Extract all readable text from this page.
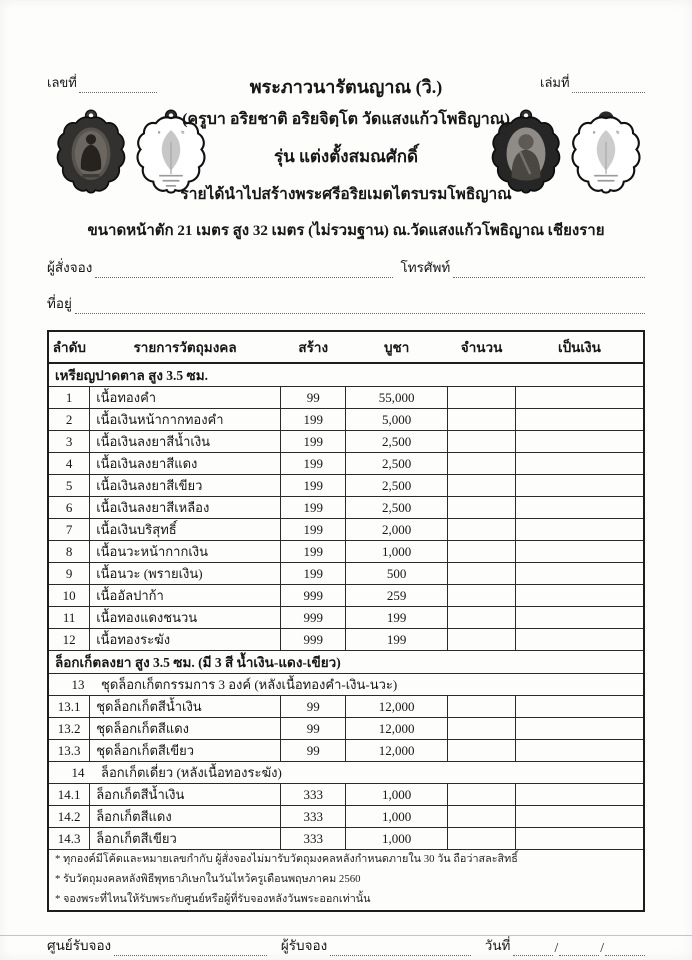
๑	๒	๑	๒
เลขที่	พระภาวนารัตนญาณ (วิ.)	เล่มที่
(ครูบา อริยชาติ อริยจิตฺโต วัดแสงแก้วโพธิญาณ)
รุ่น แต่งตั้งสมณศักดิ์
รายได้นำไปสร้างพระศรีอริยเมตไตรบรมโพธิญาณ
ขนาดหน้าตัก 21 เมตร สูง 32 เมตร (ไม่รวมฐาน) ณ.วัดแสงแก้วโพธิญาณ เชียงราย
ผู้สั่งจอง	โทรศัพท์
ที่อยู่
ลำดับ	รายการวัตถุมงคล	สร้าง	บูชา	จำนวน	เป็นเงิน
เหรียญปาดตาล สูง 3.5 ซม.					
1	เนื้อทองคำ	99	55,000		
2	เนื้อเงินหน้ากากทองคำ	199	5,000		
3	เนื้อเงินลงยาสีน้ำเงิน	199	2,500		
4	เนื้อเงินลงยาสีแดง	199	2,500		
5	เนื้อเงินลงยาสีเขียว	199	2,500		
6	เนื้อเงินลงยาสีเหลือง	199	2,500		
7	เนื้อเงินบริสุทธิ์	199	2,000		
8	เนื้อนวะหน้ากากเงิน	199	1,000		
9	เนื้อนวะ (พรายเงิน)	199	500		
10	เนื้ออัลปาก้า	999	259		
11	เนื้อทองแดงชนวน	999	199		
12	เนื้อทองระฆัง	999	199		
ล็อกเก็ตลงยา สูง 3.5 ซม. (มี 3 สี น้ำเงิน-แดง-เขียว)					
13 ชุดล็อกเก็ตกรรมการ 3 องค์ (หลังเนื้อทองคำ-เงิน-นวะ)					
13.1	ชุดล็อกเก็ตสีน้ำเงิน	99	12,000		
13.2	ชุดล็อกเก็ตสีแดง	99	12,000		
13.3	ชุดล็อกเก็ตสีเขียว	99	12,000		
14 ล็อกเก็ตเดี่ยว (หลังเนื้อทองระฆัง)					
14.1	ล็อกเก็ตสีน้ำเงิน	333	1,000		
14.2	ล็อกเก็ตสีแดง	333	1,000		
14.3	ล็อกเก็ตสีเขียว	333	1,000		

* ทุกองค์มีโค้ดและหมายเลขกำกับ ผู้สั่งจองไม่มารับวัตถุมงคลหลังกำหนดภายใน 30 วัน ถือว่าสละสิทธิ์
* รับวัตถุมงคลหลังพิธีพุทธาภิเษกในวันไหว้ครูเดือนพฤษภาคม 2560
* จองพระที่ไหนให้รับพระกับศูนย์หรือผู้ที่รับจองหลังวันพระออกเท่านั้น					
ศูนย์รับจอง	ผู้รับจอง	วันที่	/	/
